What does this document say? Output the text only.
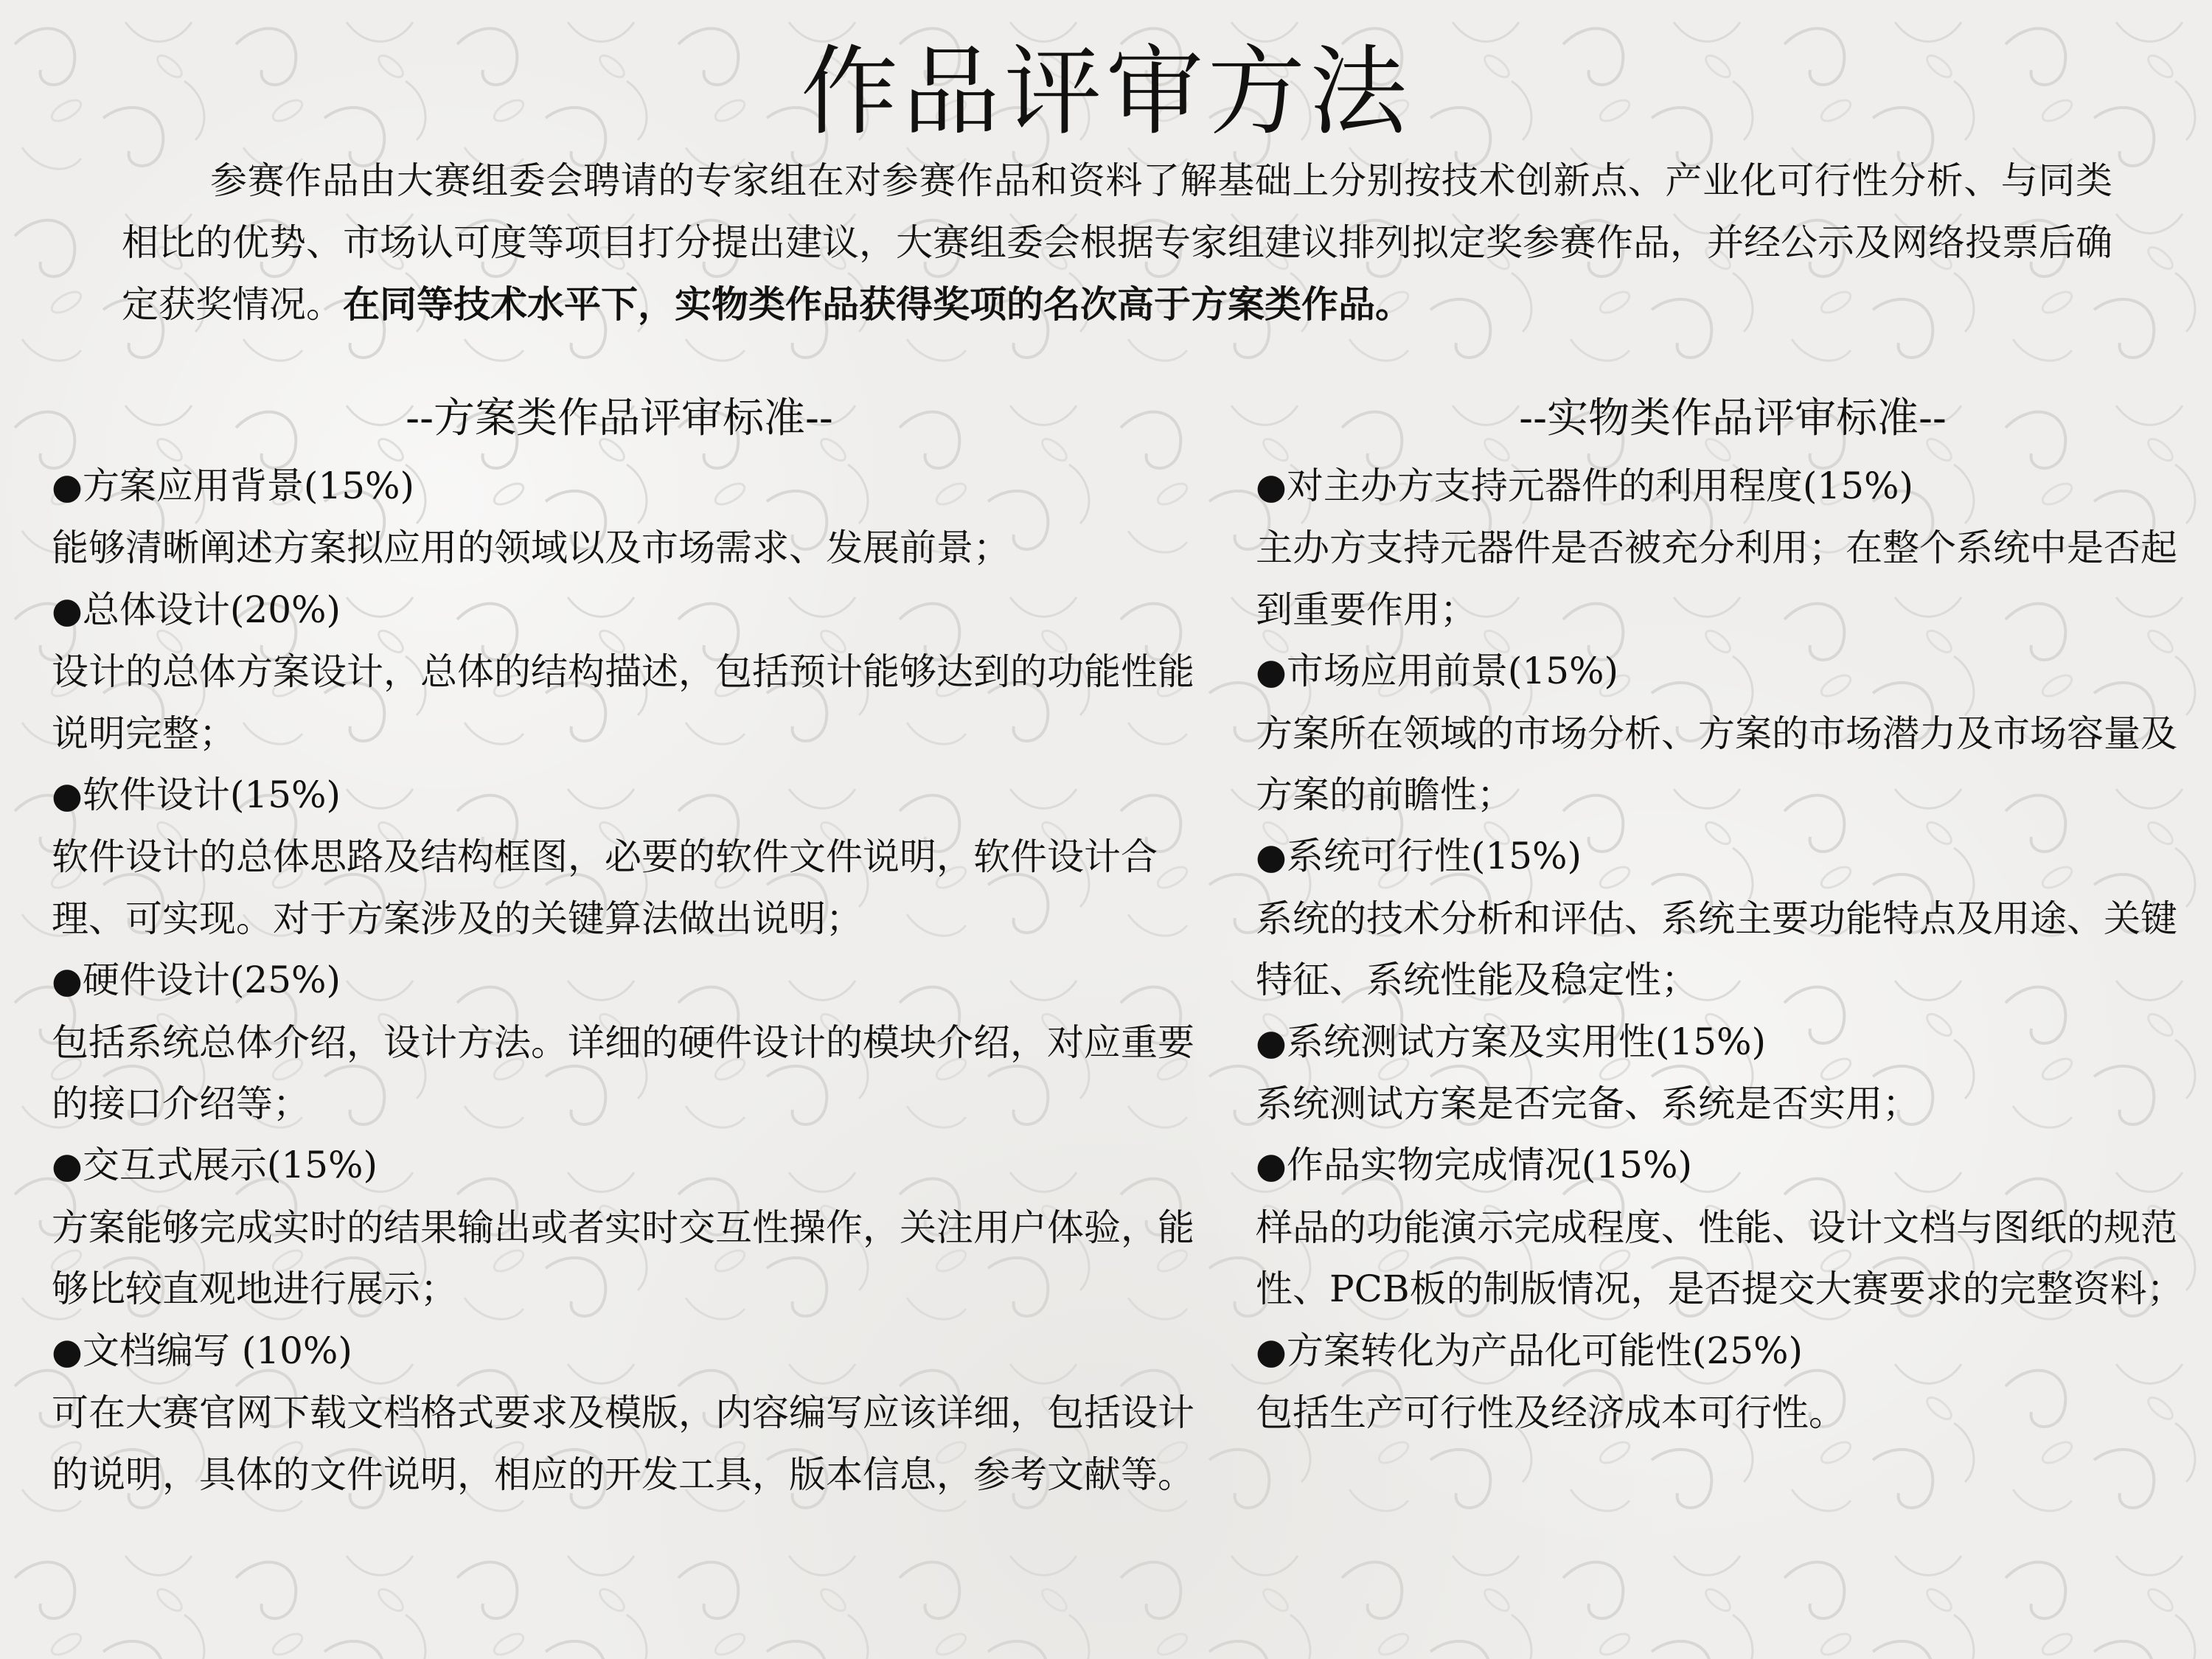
作品评审方法

参赛作品由大赛组委会聘请的专家组在对参赛作品和资料了解基础上分别按技术创新点、产业化可行性分析、与同类相比的优势、市场认可度等项目打分提出建议，大赛组委会根据专家组建议排列拟定奖参赛作品，并经公示及网络投票后确定获奖情况。在同等技术水平下，实物类作品获得奖项的名次高于方案类作品。

--方案类作品评审标准--	--实物类作品评审标准--

●方案应用背景(15%)

能够清晰阐述方案拟应用的领域以及市场需求、发展前景；

●总体设计(20%)

设计的总体方案设计，总体的结构描述，包括预计能够达到的功能性能说明完整；

●软件设计(15%)

软件设计的总体思路及结构框图，必要的软件文件说明，软件设计合理、可实现。对于方案涉及的关键算法做出说明；

●硬件设计(25%)

包括系统总体介绍，设计方法。详细的硬件设计的模块介绍，对应重要的接口介绍等；

●交互式展示(15%)

方案能够完成实时的结果输出或者实时交互性操作，关注用户体验，能够比较直观地进行展示；

●文档编写 (10%)

可在大赛官网下载文档格式要求及模版，内容编写应该详细，包括设计的说明，具体的文件说明，相应的开发工具，版本信息，参考文献等。

●对主办方支持元器件的利用程度(15%)

主办方支持元器件是否被充分利用；在整个系统中是否起到重要作用；

●市场应用前景(15%)

方案所在领域的市场分析、方案的市场潜力及市场容量及方案的前瞻性；

●系统可行性(15%)

系统的技术分析和评估、系统主要功能特点及用途、关键特征、系统性能及稳定性；

●系统测试方案及实用性(15%)

系统测试方案是否完备、系统是否实用；

●作品实物完成情况(15%)

样品的功能演示完成程度、性能、设计文档与图纸的规范性、PCB板的制版情况，是否提交大赛要求的完整资料；

●方案转化为产品化可能性(25%)

包括生产可行性及经济成本可行性。
